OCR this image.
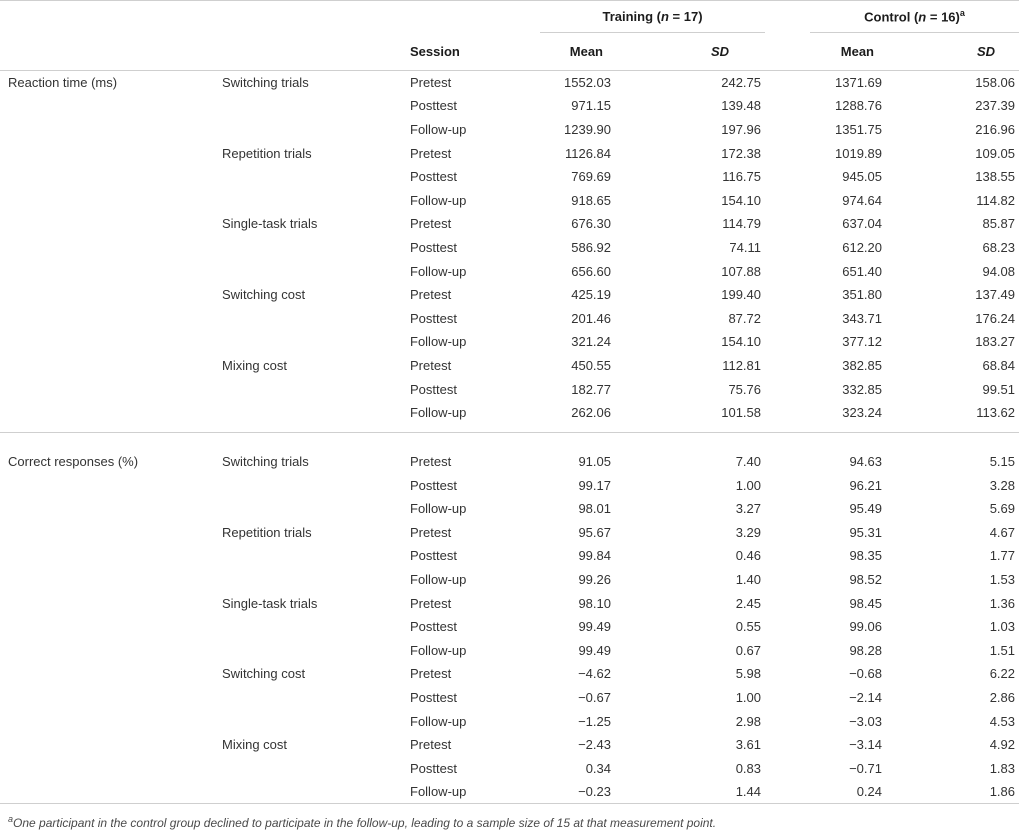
			Training (n = 17)			Control (n = 16)$^a$
		Session	Mean	SD		Mean	SD
Reaction time (ms)	Switching trials	Pretest	1552.03	242.75		1371.69	158.06
		Posttest	971.15	139.48		1288.76	237.39
		Follow-up	1239.90	197.96		1351.75	216.96
	Repetition trials	Pretest	1126.84	172.38		1019.89	109.05
		Posttest	769.69	116.75		945.05	138.55
		Follow-up	918.65	154.10		974.64	114.82
	Single-task trials	Pretest	676.30	114.79		637.04	85.87
		Posttest	586.92	74.11		612.20	68.23
		Follow-up	656.60	107.88		651.40	94.08
	Switching cost	Pretest	425.19	199.40		351.80	137.49
		Posttest	201.46	87.72		343.71	176.24
		Follow-up	321.24	154.10		377.12	183.27
	Mixing cost	Pretest	450.55	112.81		382.85	68.84
		Posttest	182.77	75.76		332.85	99.51
		Follow-up	262.06	101.58		323.24	113.62
Correct responses (%)	Switching trials	Pretest	91.05	7.40		94.63	5.15
		Posttest	99.17	1.00		96.21	3.28
		Follow-up	98.01	3.27		95.49	5.69
	Repetition trials	Pretest	95.67	3.29		95.31	4.67
		Posttest	99.84	0.46		98.35	1.77
		Follow-up	99.26	1.40		98.52	1.53
	Single-task trials	Pretest	98.10	2.45		98.45	1.36
		Posttest	99.49	0.55		99.06	1.03
		Follow-up	99.49	0.67		98.28	1.51
	Switching cost	Pretest	−4.62	5.98		−0.68	6.22
		Posttest	−0.67	1.00		−2.14	2.86
		Follow-up	−1.25	2.98		−3.03	4.53
	Mixing cost	Pretest	−2.43	3.61		−3.14	4.92
		Posttest	0.34	0.83		−0.71	1.83
		Follow-up	−0.23	1.44		0.24	1.86
$^a$One participant in the control group declined to participate in the follow-up, leading to a sample size of 15 at that measurement point.
